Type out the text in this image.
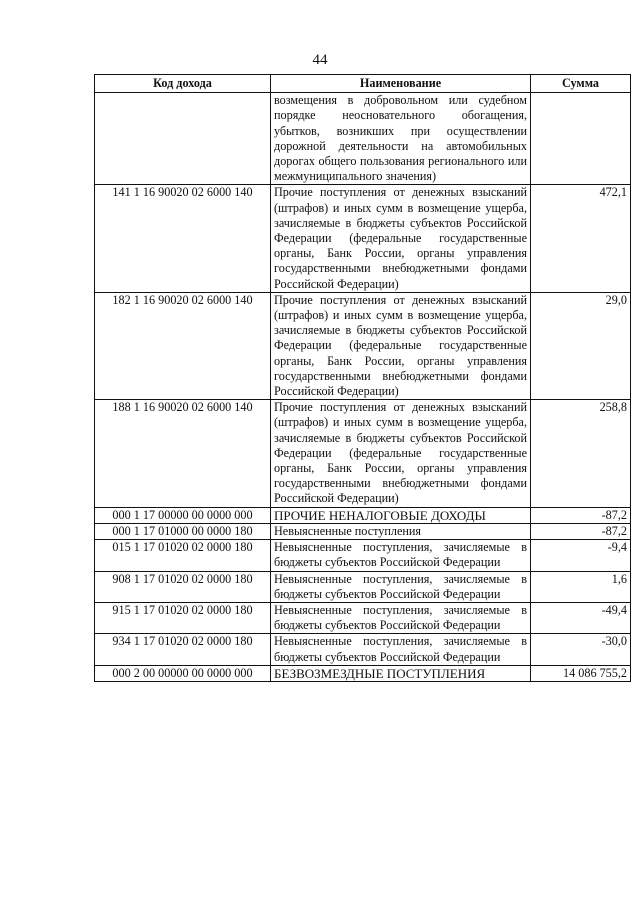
44
Код дохода	Наименование	Сумма
	возмещения в добровольном или судебном порядке неосновательного обогащения, убытков, возникших при осуществлении дорожной деятельности на автомобильных дорогах общего пользования регионального или межмуниципального значения)	
141 1 16 90020 02 6000 140	Прочие поступления от денежных взысканий (штрафов) и иных сумм в возмещение ущерба, зачисляемые в бюджеты субъектов Российской Федерации (федеральные государственные органы, Банк России, органы управления государственными внебюджетными фондами Российской Федерации)	472,1
182 1 16 90020 02 6000 140	Прочие поступления от денежных взысканий (штрафов) и иных сумм в возмещение ущерба, зачисляемые в бюджеты субъектов Российской Федерации (федеральные государственные органы, Банк России, органы управления государственными внебюджетными фондами Российской Федерации)	29,0
188 1 16 90020 02 6000 140	Прочие поступления от денежных взысканий (штрафов) и иных сумм в возмещение ущерба, зачисляемые в бюджеты субъектов Российской Федерации (федеральные государственные органы, Банк России, органы управления государственными внебюджетными фондами Российской Федерации)	258,8
000 1 17 00000 00 0000 000	ПРОЧИЕ НЕНАЛОГОВЫЕ ДОХОДЫ	-87,2
000 1 17 01000 00 0000 180	Невыясненные поступления	-87,2
015 1 17 01020 02 0000 180	Невыясненные поступления, зачисляемые в бюджеты субъектов Российской Федерации	-9,4
908 1 17 01020 02 0000 180	Невыясненные поступления, зачисляемые в бюджеты субъектов Российской Федерации	1,6
915 1 17 01020 02 0000 180	Невыясненные поступления, зачисляемые в бюджеты субъектов Российской Федерации	-49,4
934 1 17 01020 02 0000 180	Невыясненные поступления, зачисляемые в бюджеты субъектов Российской Федерации	-30,0
000 2 00 00000 00 0000 000	БЕЗВОЗМЕЗДНЫЕ ПОСТУПЛЕНИЯ	14 086 755,2
